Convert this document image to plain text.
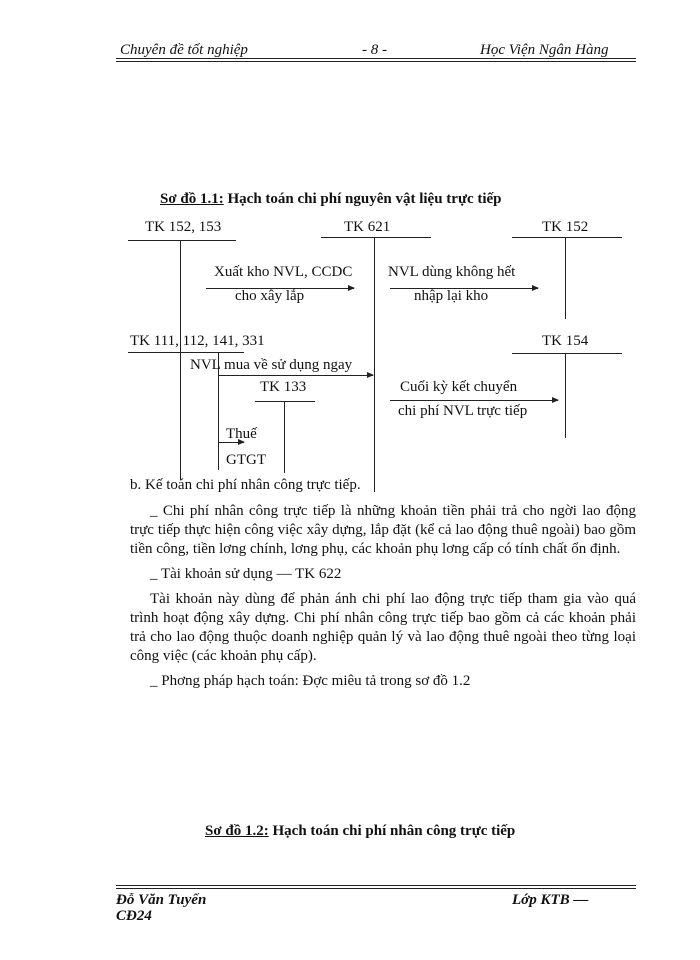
Chuyên đề tốt nghiệp	- 8 -	Học Viện Ngân Hàng
Sơ đồ 1.1: Hạch toán chi phí nguyên vật liệu trực tiếp
TK 152, 153	TK 621	TK 152
Xuất kho NVL, CCDC
cho xây lắp
NVL dùng không hết
nhập lại kho
TK 111, 112, 141, 331	TK 154
NVL mua về sử dụng ngay
TK 133	Cuối kỳ kết chuyển
chi phí NVL trực tiếp
Thuế
GTGT
b. Kế toán chi phí nhân công trực tiếp.

_ Chi phí nhân công trực tiếp là những khoản tiền phải trả cho ngời lao động trực tiếp thực hiện công việc xây dựng, lắp đặt (kể cả lao động thuê ngoài) bao gồm tiền công, tiền lơng chính, lơng phụ, các khoản phụ lơng cấp có tính chất ổn định.

_ Tài khoản sử dụng — TK 622

Tài khoản này dùng để phản ánh chi phí lao động trực tiếp tham gia vào quá trình hoạt động xây dựng. Chi phí nhân công trực tiếp bao gồm cả các khoản phải trả cho lao động thuộc doanh nghiệp quản lý và lao động thuê ngoài theo từng loại công việc (các khoản phụ cấp).

_ Phơng pháp hạch toán: Đợc miêu tả trong sơ đồ 1.2

Sơ đồ 1.2: Hạch toán chi phí nhân công trực tiếp
Đỗ Văn Tuyến	Lớp KTB —
CĐ24
